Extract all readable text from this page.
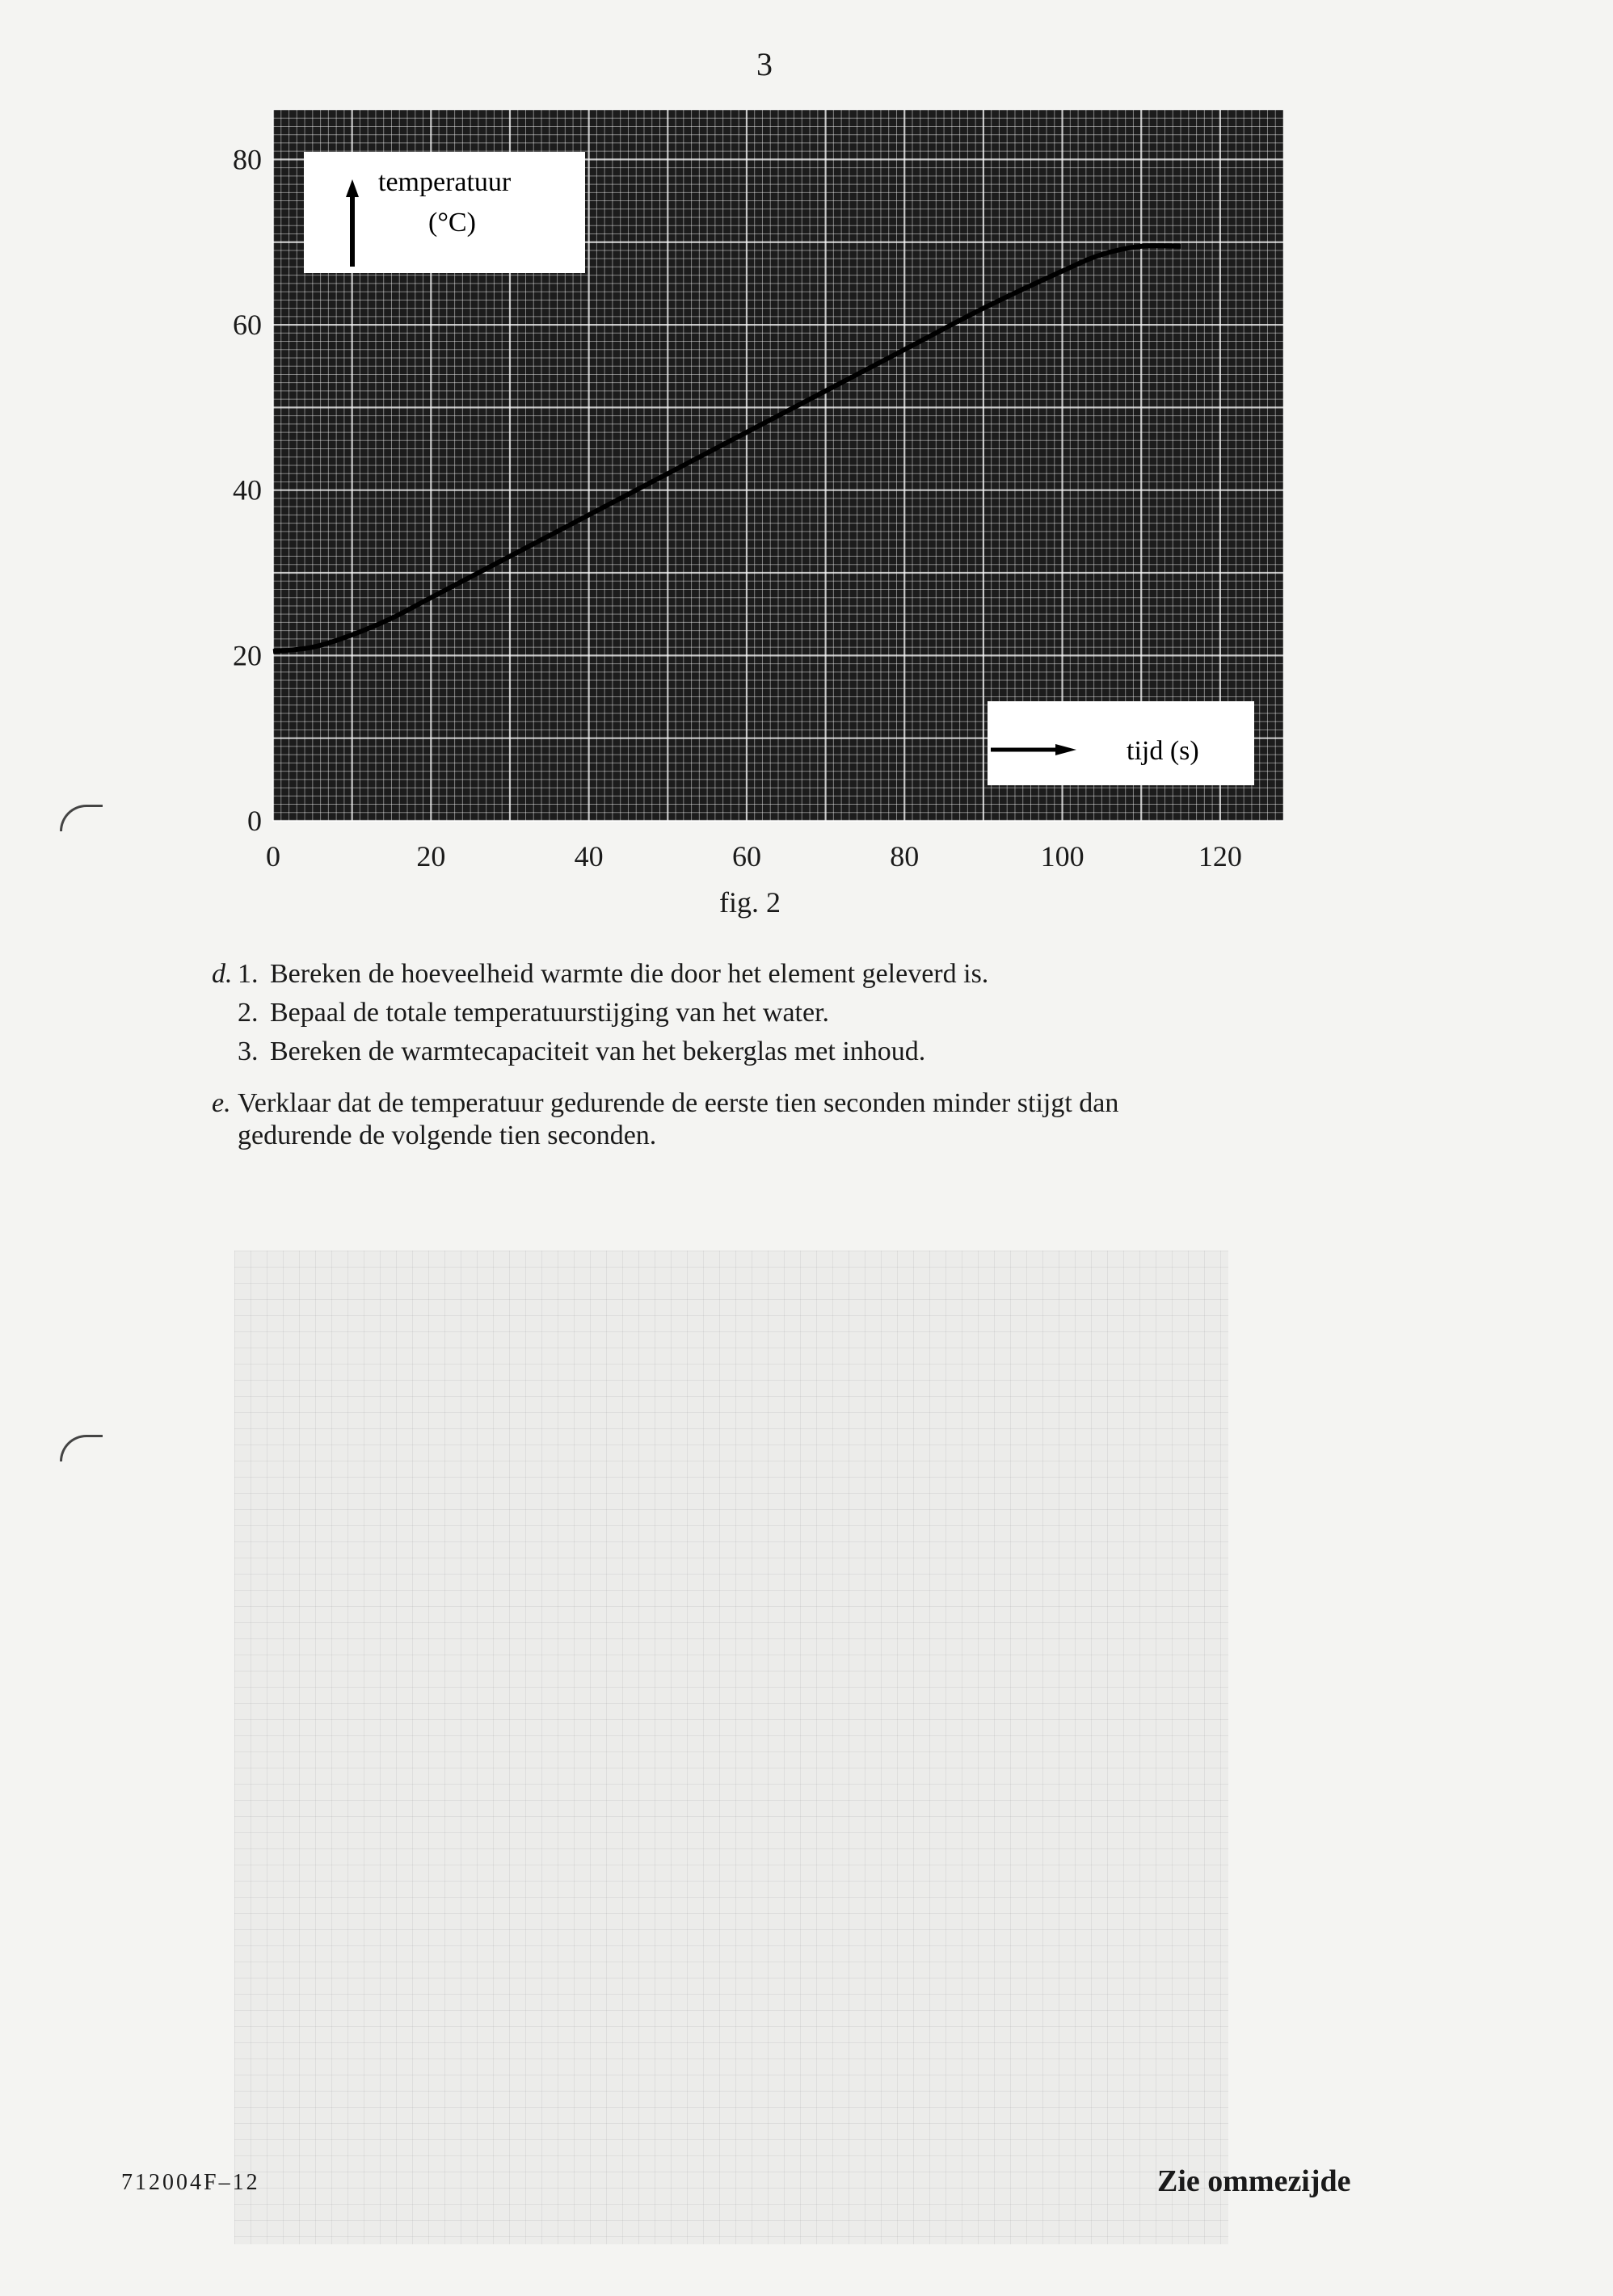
3
0	20	40	60	80	100	120
0
20
40
60
80
temperatuur
(°C)
tijd (s)
fig. 2
d. 1. Bereken de hoeveelheid warmte die door het element geleverd is.
2. Bepaal de totale temperatuurstijging van het water.
3. Bereken de warmtecapaciteit van het bekerglas met inhoud.
e. Verklaar dat de temperatuur gedurende de eerste tien seconden minder stijgt dan
gedurende de volgende tien seconden.
712004F–12	Zie ommezijde
